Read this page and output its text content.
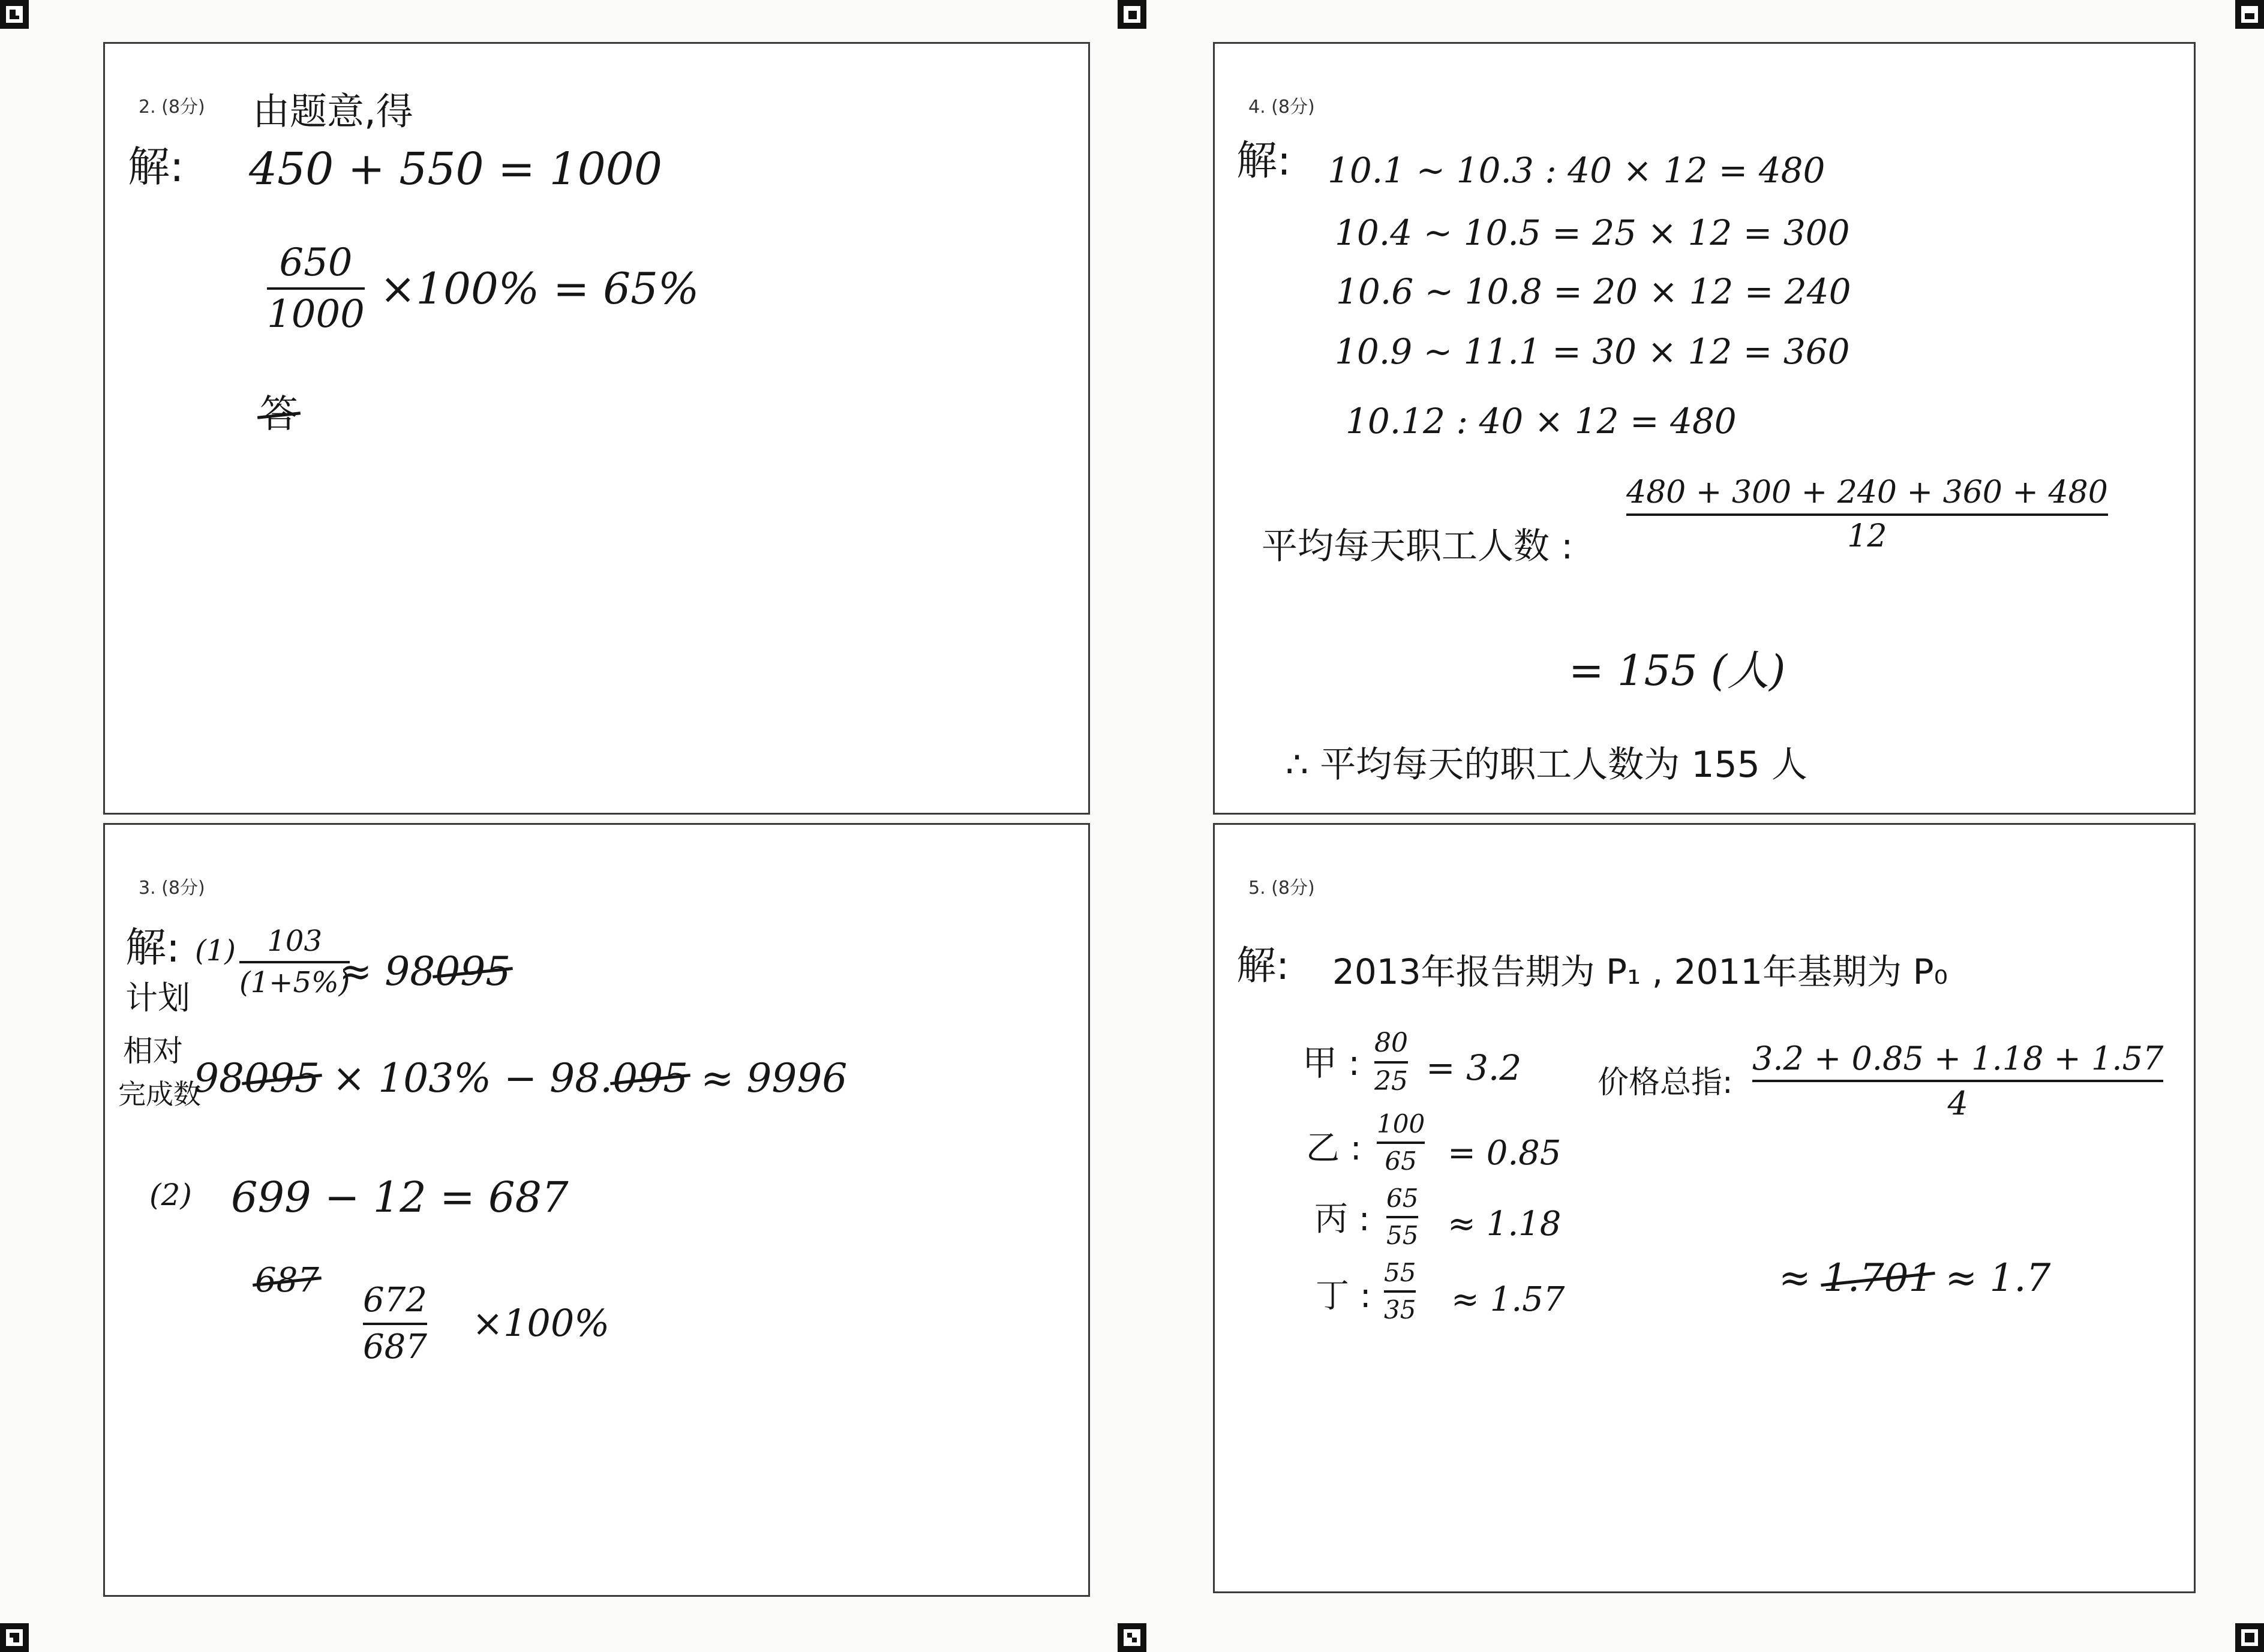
2. (8分) 由题意,得
解: 450 + 550 = 1000
650
1000
×100% = 65%
答
3. (8分)
解: (1) 103
(1+5%)
≈ 98095
计划
相对
完成数
98095 × 103% − 98.095 ≈ 9996
(2) 699 − 12 = 687
687
672
687
×100%
4. (8分)
解: 10.1 ~ 10.3 : 40 × 12 = 480
10.4 ~ 10.5 = 25 × 12 = 300
10.6 ~ 10.8 = 20 × 12 = 240
10.9 ~ 11.1 = 30 × 12 = 360
10.12 : 40 × 12 = 480
平均每天职工人数 :
480 + 300 + 240 + 360 + 480
12
= 155 (人)
∴ 平均每天的职工人数为 155 人
5. (8分)
解: 2013年报告期为 P₁ , 2011年基期为 P₀
甲 : 80
25 = 3.2
乙 :
100
65 = 0.85
丙 :
65
55 ≈ 1.18
丁 :
55
35 ≈ 1.57
价格总指:
3.2 + 0.85 + 1.18 + 1.57
4
≈ 1.701 ≈ 1.7
